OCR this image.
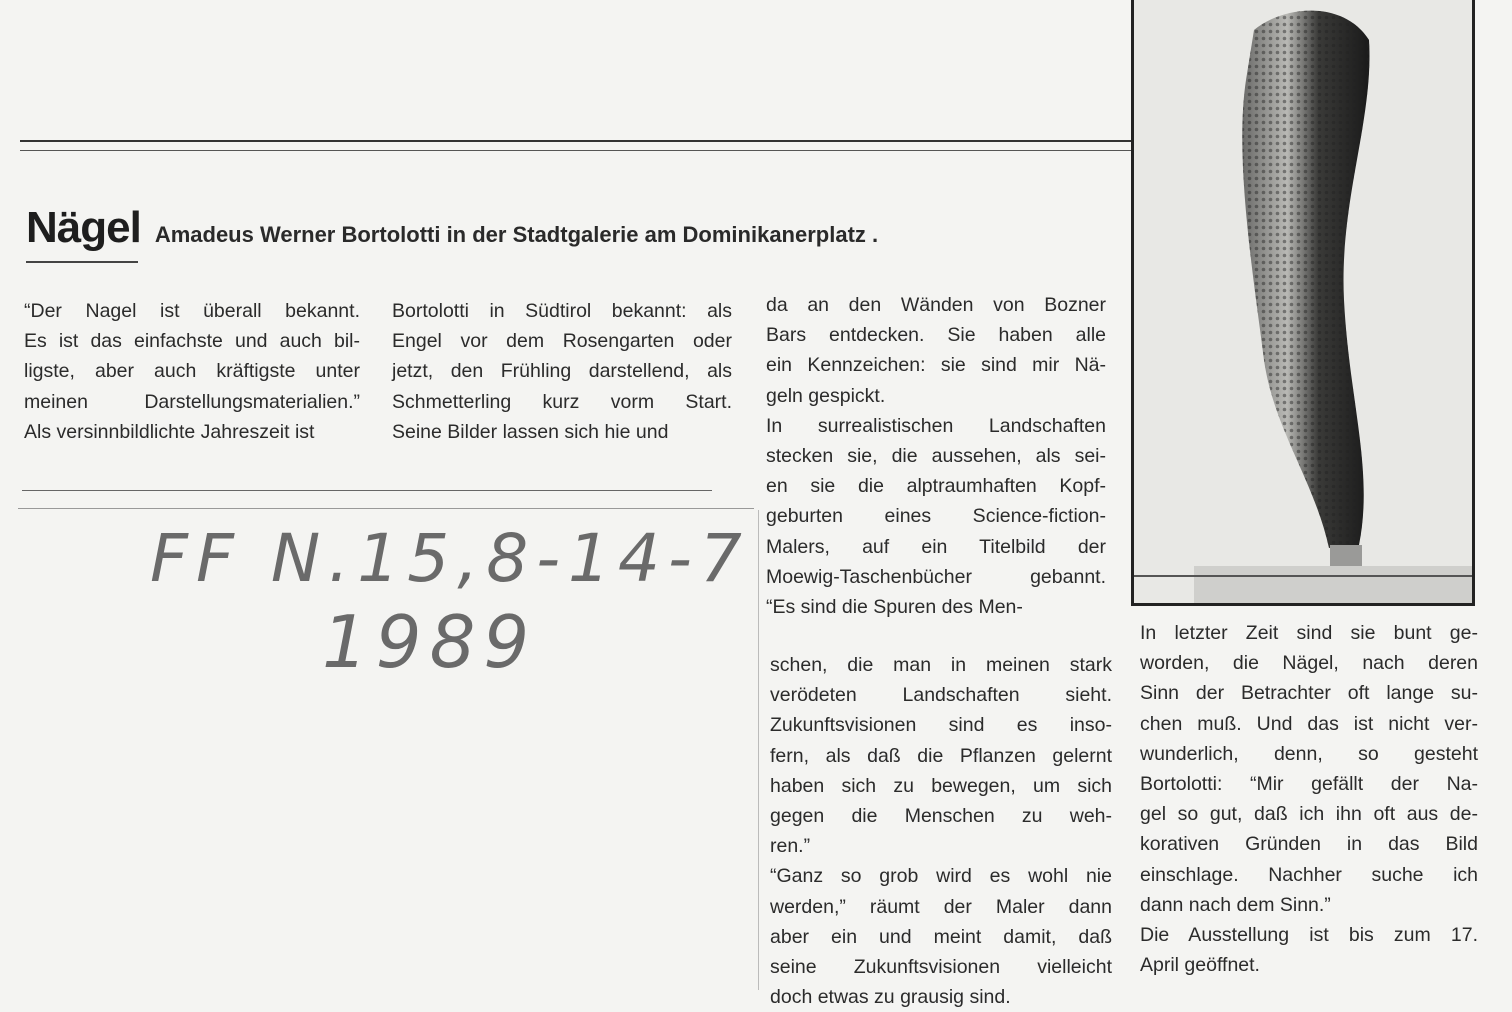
Nägel Amadeus Werner Bortolotti in der Stadtgalerie am Dominikanerplatz .
“Der Nagel ist überall bekannt.
Es ist das einfachste und auch bil-
ligste, aber auch kräftigste unter
meinen Darstellungsmaterialien.”
Als versinnbildlichte Jahreszeit ist
Bortolotti in Südtirol bekannt: als
Engel vor dem Rosengarten oder
jetzt, den Frühling darstellend, als
Schmetterling kurz vorm Start.
Seine Bilder lassen sich hie und
da an den Wänden von Bozner
Bars entdecken. Sie haben alle
ein Kennzeichen: sie sind mir Nä-
geln gespickt.
In surrealistischen Landschaften
stecken sie, die aussehen, als sei-
en sie die alptraumhaften Kopf-
geburten eines Science-fiction-
Malers, auf ein Titelbild der
Moewig-Taschenbücher gebannt.
“Es sind die Spuren des Men-
schen, die man in meinen stark
verödeten Landschaften sieht.
Zukunftsvisionen sind es inso-
fern, als daß die Pflanzen gelernt
haben sich zu bewegen, um sich
gegen die Menschen zu weh-
ren.”
“Ganz so grob wird es wohl nie
werden,” räumt der Maler dann
aber ein und meint damit, daß
seine Zukunftsvisionen vielleicht
doch etwas zu grausig sind.
In letzter Zeit sind sie bunt ge-
worden, die Nägel, nach deren
Sinn der Betrachter oft lange su-
chen muß. Und das ist nicht ver-
wunderlich, denn, so gesteht
Bortolotti: “Mir gefällt der Na-
gel so gut, daß ich ihn oft aus de-
korativen Gründen in das Bild
einschlage. Nachher suche ich
dann nach dem Sinn.”
Die Ausstellung ist bis zum 17.
April geöffnet.
FF N.15,8-14-7
1989
